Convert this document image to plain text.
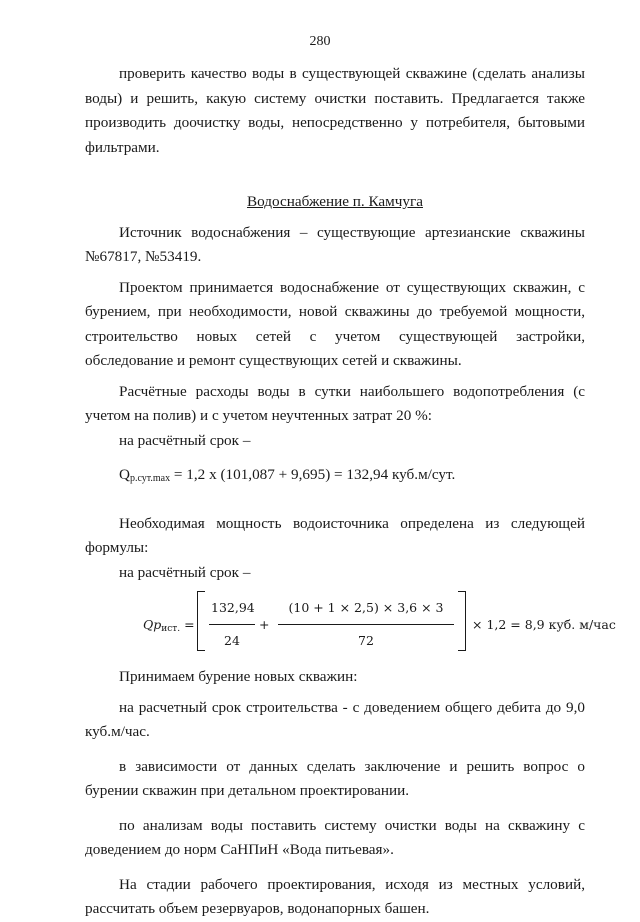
280

проверить качество воды в существующей скважине (сделать анализы воды) и решить, какую систему очистки поставить. Предлагается также производить доочистку воды, непосредственно у потребителя, бытовыми фильтрами.

Водоснабжение п. Камчуга

Источник водоснабжения – существующие артезианские скважины №67817, №53419.

Проектом принимается водоснабжение от существующих скважин, с бурением, при необходимости, новой скважины до требуемой мощности, строительство новых сетей с учетом существующей застройки, обследование и ремонт существующих сетей и скважины.

Расчётные расходы воды в сутки наибольшего водопотребления (с учетом на полив) и с учетом неучтенных затрат 20 %:

на расчётный срок –

$Q_{р.сут.max} = 1,2$ x (101,087 + 9,695) = 132,94 куб.м/сут.

Необходимая мощность водоисточника определена из следующей формулы:

на расчётный срок –

$Qр_{ист.} = \frac{132,94}{24} + \frac{(10 + 1 \times 2,5) \times 3,6 \times 3}{72} \times 1,2 = 8,9$ куб. м/час

Принимаем бурение новых скважин:

на расчетный срок строительства - с доведением общего дебита до 9,0 куб.м/час.

в зависимости от данных сделать заключение и решить вопрос о бурении скважин при детальном проектировании.

по анализам воды поставить систему очистки воды на скважину с доведением до норм СаНПиН «Вода питьевая».

На стадии рабочего проектирования, исходя из местных условий, рассчитать объем резервуаров, водонапорных башен.
